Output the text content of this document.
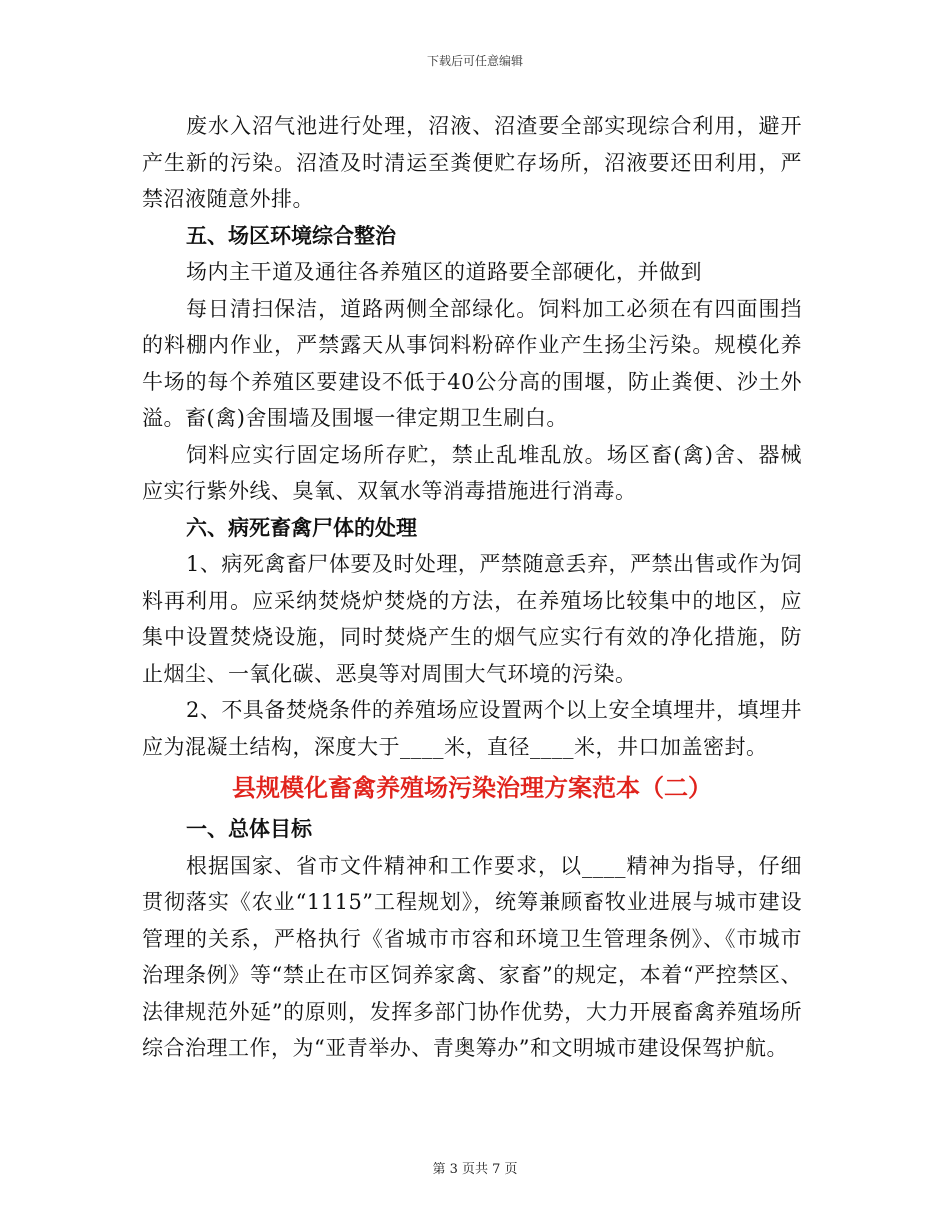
下载后可任意编辑

废水入沼气池进行处理，沼液、沼渣要全部实现综合利用，避开产生新的污染。沼渣及时清运至粪便贮存场所，沼液要还田利用，严禁沼液随意外排。

五、场区环境综合整治

场内主干道及通往各养殖区的道路要全部硬化，并做到

每日清扫保洁，道路两侧全部绿化。饲料加工必须在有四面围挡的料棚内作业，严禁露天从事饲料粉碎作业产生扬尘污染。规模化养牛场的每个养殖区要建设不低于40公分高的围堰，防止粪便、沙土外溢。畜(禽)舍围墙及围堰一律定期卫生刷白。

饲料应实行固定场所存贮，禁止乱堆乱放。场区畜(禽)舍、器械应实行紫外线、臭氧、双氧水等消毒措施进行消毒。

六、病死畜禽尸体的处理

1、病死禽畜尸体要及时处理，严禁随意丢弃，严禁出售或作为饲料再利用。应采纳焚烧炉焚烧的方法，在养殖场比较集中的地区，应集中设置焚烧设施，同时焚烧产生的烟气应实行有效的净化措施，防止烟尘、一氧化碳、恶臭等对周围大气环境的污染。

2、不具备焚烧条件的养殖场应设置两个以上安全填埋井，填埋井应为混凝土结构，深度大于____米，直径____米，井口加盖密封。

县规模化畜禽养殖场污染治理方案范本（二）

一、总体目标

根据国家、省市文件精神和工作要求，以____精神为指导，仔细贯彻落实《农业“1115”工程规划》，统筹兼顾畜牧业进展与城市建设管理的关系，严格执行《省城市市容和环境卫生管理条例》、《市城市治理条例》等“禁止在市区饲养家禽、家畜”的规定，本着“严控禁区、法律规范外延”的原则，发挥多部门协作优势，大力开展畜禽养殖场所综合治理工作，为“亚青举办、青奥筹办”和文明城市建设保驾护航。

第 3 页共 7 页
